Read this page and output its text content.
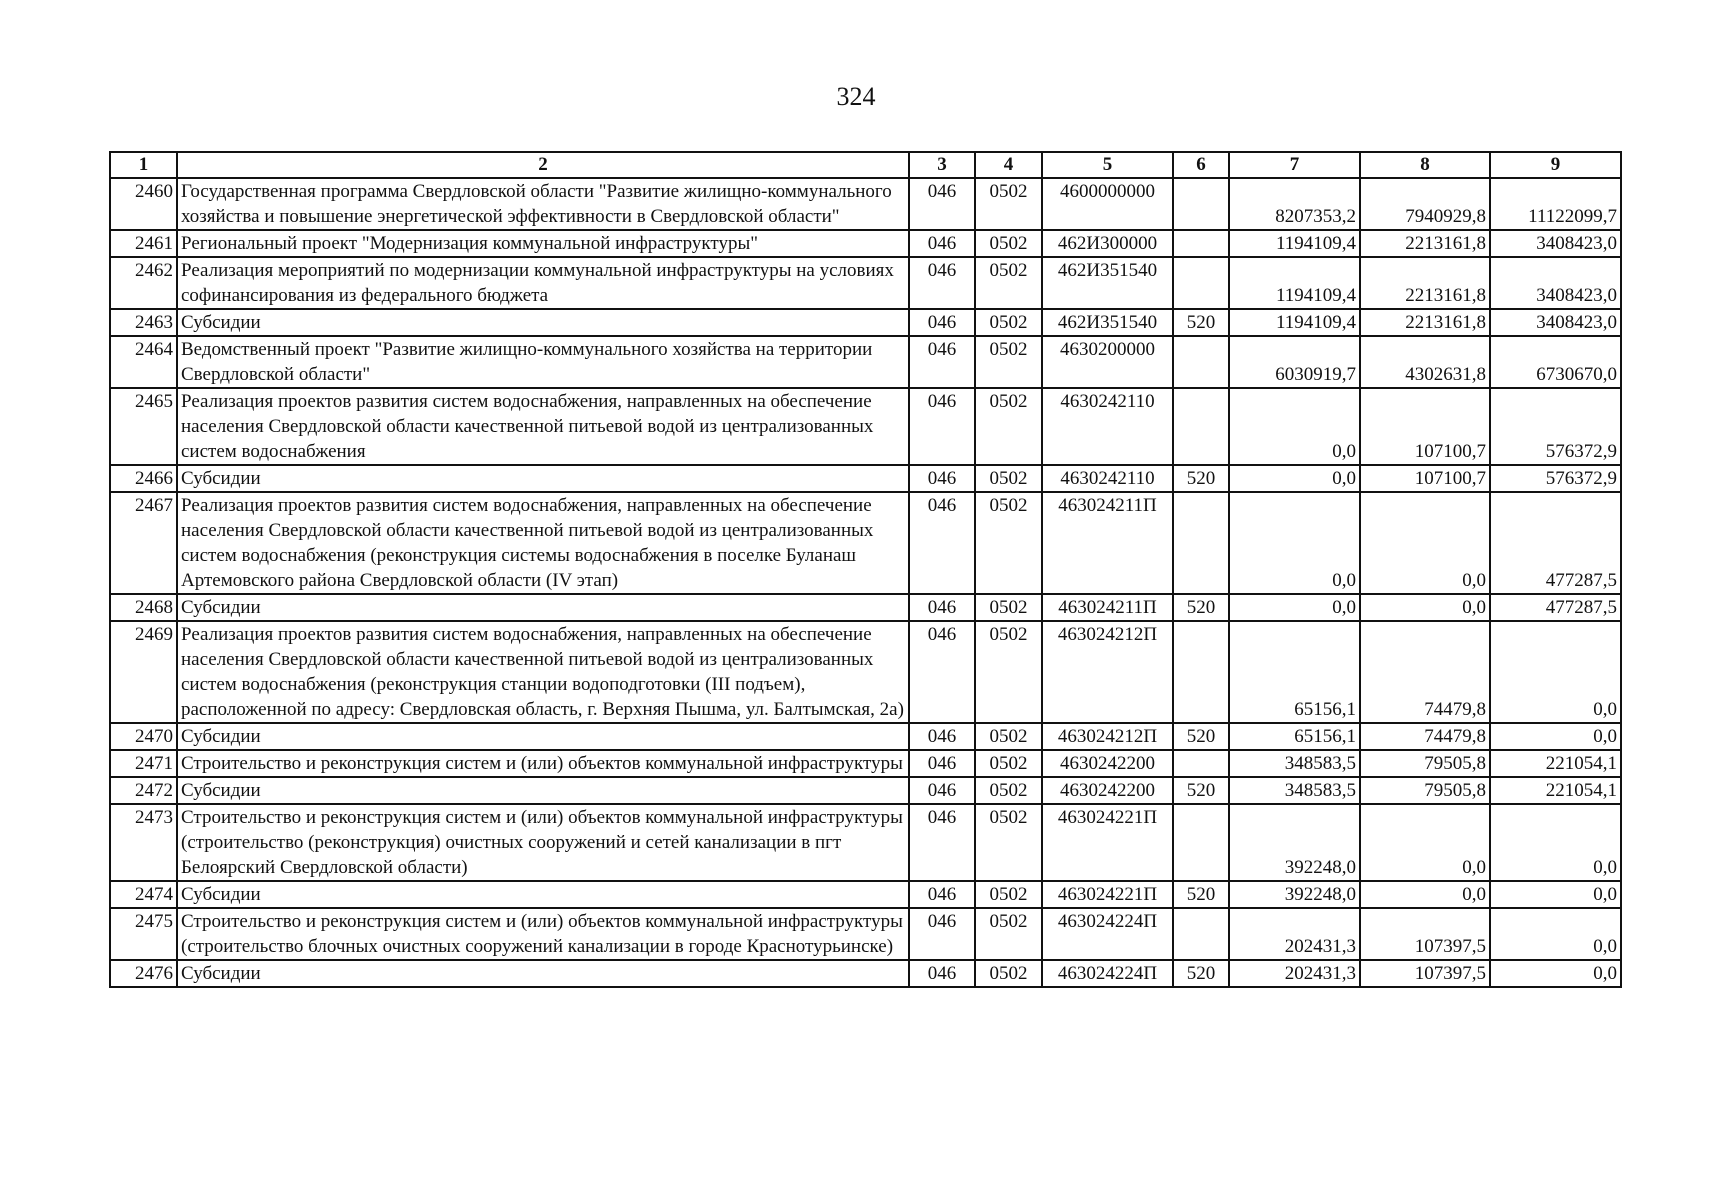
324
1	2	3	4	5	6	7	8	9
2460	Государственная программа Свердловской области "Развитие жилищно-коммунального хозяйства и повышение энергетической эффективности в Свердловской области"	046	0502	4600000000		8207353,2	7940929,8	11122099,7
2461	Региональный проект "Модернизация коммунальной инфраструктуры"	046	0502	462И300000		1194109,4	2213161,8	3408423,0
2462	Реализация мероприятий по модернизации коммунальной инфраструктуры на условиях софинансирования из федерального бюджета	046	0502	462И351540		1194109,4	2213161,8	3408423,0
2463	Субсидии	046	0502	462И351540	520	1194109,4	2213161,8	3408423,0
2464	Ведомственный проект "Развитие жилищно-коммунального хозяйства на территории Свердловской области"	046	0502	4630200000		6030919,7	4302631,8	6730670,0
2465	Реализация проектов развития систем водоснабжения, направленных на обеспечение населения Свердловской области качественной питьевой водой из централизованных систем водоснабжения	046	0502	4630242110		0,0	107100,7	576372,9
2466	Субсидии	046	0502	4630242110	520	0,0	107100,7	576372,9
2467	Реализация проектов развития систем водоснабжения, направленных на обеспечение населения Свердловской области качественной питьевой водой из централизованных систем водоснабжения (реконструкция системы водоснабжения в поселке Буланаш Артемовского района Свердловской области (IV этап)	046	0502	463024211П		0,0	0,0	477287,5
2468	Субсидии	046	0502	463024211П	520	0,0	0,0	477287,5
2469	Реализация проектов развития систем водоснабжения, направленных на обеспечение населения Свердловской области качественной питьевой водой из централизованных систем водоснабжения (реконструкция станции водоподготовки (III подъем), расположенной по адресу: Свердловская область, г. Верхняя Пышма, ул. Балтымская, 2а)	046	0502	463024212П		65156,1	74479,8	0,0
2470	Субсидии	046	0502	463024212П	520	65156,1	74479,8	0,0
2471	Строительство и реконструкция систем и (или) объектов коммунальной инфраструктуры	046	0502	4630242200		348583,5	79505,8	221054,1
2472	Субсидии	046	0502	4630242200	520	348583,5	79505,8	221054,1
2473	Строительство и реконструкция систем и (или) объектов коммунальной инфраструктуры (строительство (реконструкция) очистных сооружений и сетей канализации в пгт Белоярский Свердловской области)	046	0502	463024221П		392248,0	0,0	0,0
2474	Субсидии	046	0502	463024221П	520	392248,0	0,0	0,0
2475	Строительство и реконструкция систем и (или) объектов коммунальной инфраструктуры (строительство блочных очистных сооружений канализации в городе Краснотурьинске)	046	0502	463024224П		202431,3	107397,5	0,0
2476	Субсидии	046	0502	463024224П	520	202431,3	107397,5	0,0
